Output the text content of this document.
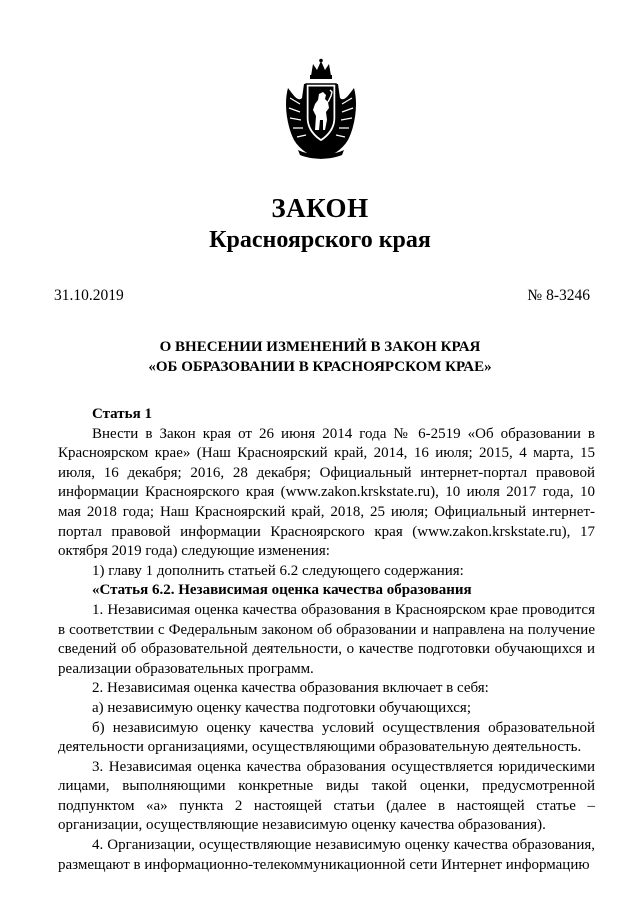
ЗАКОН
Красноярского края
31.10.2019	№ 8-3246
О ВНЕСЕНИИ ИЗМЕНЕНИЙ В ЗАКОН КРАЯ
«ОБ ОБРАЗОВАНИИ В КРАСНОЯРСКОМ КРАЕ»

Статья 1

Внести в Закон края от 26 июня 2014 года № 6-2519 «Об образовании в Красноярском крае» (Наш Красноярский край, 2014, 16 июля; 2015, 4 марта, 15 июля, 16 декабря; 2016, 28 декабря; Официальный интернет-портал правовой информации Красноярского края (www.zakon.krskstate.ru), 10 июля 2017 года, 10 мая 2018 года; Наш Красноярский край, 2018, 25 июля; Официальный интернет-портал правовой информации Красноярского края (www.zakon.krskstate.ru), 17 октября 2019 года) следующие изменения:

1) главу 1 дополнить статьей 6.2 следующего содержания:

«Статья 6.2. Независимая оценка качества образования

1. Независимая оценка качества образования в Красноярском крае проводится в соответствии с Федеральным законом об образовании и направлена на получение сведений об образовательной деятельности, о качестве подготовки обучающихся и реализации образовательных программ.

2. Независимая оценка качества образования включает в себя:

а) независимую оценку качества подготовки обучающихся;

б) независимую оценку качества условий осуществления образовательной деятельности организациями, осуществляющими образовательную деятельность.

3. Независимая оценка качества образования осуществляется юридическими лицами, выполняющими конкретные виды такой оценки, предусмотренной подпунктом «а» пункта 2 настоящей статьи (далее в настоящей статье – организации, осуществляющие независимую оценку качества образования).

4. Организации, осуществляющие независимую оценку качества образования, размещают в информационно-телекоммуникационной сети Интернет информацию
